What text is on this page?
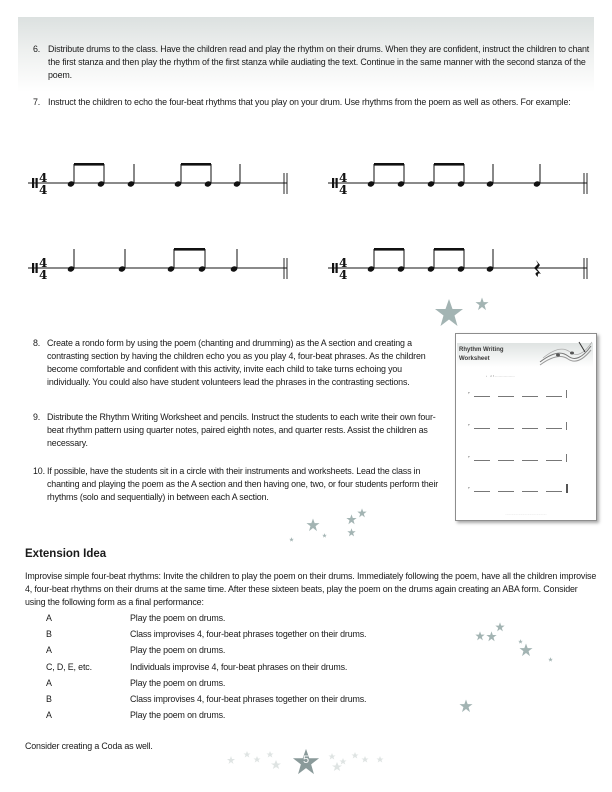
6. Distribute drums to the class. Have the children read and play the rhythm on their drums. When they are confident, instruct the children to chant the first stanza and then play the rhythm of the first stanza while audiating the text. Continue in the same manner with the second stanza of the poem.
7. Instruct the children to echo the four-beat rhythms that you play on your drum. Use rhythms from the poem as well as others. For example:
4
4
4
4
4
4
4
4
8. Create a rondo form by using the poem (chanting and drumming) as the A section and creating a contrasting section by having the children echo you as you play 4, four-beat phrases. As the children become comfortable and confident with this activity, invite each child to take turns echoing you individually. You could also have student volunteers lead the phrases in the contrasting sections.
9. Distribute the Rhythm Writing Worksheet and pencils. Instruct the students to each write their own four-beat rhythm pattern using quarter notes, paired eighth notes, and quarter rests. Assist the children as necessary.
10. If possible, have the students sit in a circle with their instruments and worksheets. Lead the class in chanting and playing the poem as the A section and then having one, two, or four students perform their rhythms (solo and sequentially) in between each A section.
Rhythm Writing
Worksheet
♩ ♫ 𝄽 ........................
𝄾
𝄾
𝄾
𝄾
...........................................................
Extension Idea
Improvise simple four-beat rhythms: Invite the children to play the poem on their drums. Immediately following the poem, have all the children improvise 4, four-beat rhythms on their drums at the same time. After these sixteen beats, play the poem on the drums again creating an ABA form. Consider using the following form as a final performance:
A	Play the poem on drums.
B	Class improvises 4, four-beat phrases together on their drums.
A	Play the poem on drums.
C, D, E, etc.	Individuals improvise 4, four-beat phrases on their drums.
A	Play the poem on drums.
B	Class improvises 4, four-beat phrases together on their drums.
A	Play the poem on drums.
Consider creating a Coda as well.
5
